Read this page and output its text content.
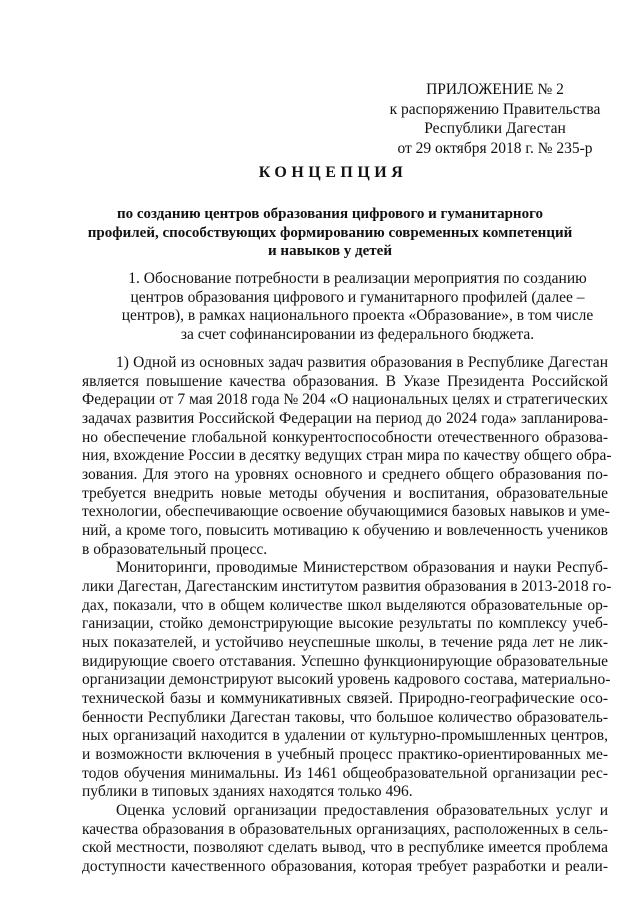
ПРИЛОЖЕНИЕ № 2
к распоряжению Правительства
Республики Дагестан
от 29 октября 2018 г. № 235-р
КОНЦЕПЦИЯ
по созданию центров образования цифрового и гуманитарного
профилей, способствующих формированию современных компетенций
и навыков у детей
1. Обоснование потребности в реализации мероприятия по созданию
центров образования цифрового и гуманитарного профилей (далее –
центров), в рамках национального проекта «Образование», в том числе
за счет софинансировании из федерального бюджета.
1) Одной из основных задач развития образования в Республике Дагестан
является повышение качества образования. В Указе Президента Российской
Федерации от 7 мая 2018 года № 204 «О национальных целях и стратегических
задачах развития Российской Федерации на период до 2024 года» запланирова-
но обеспечение глобальной конкурентоспособности отечественного образова-
ния, вхождение России в десятку ведущих стран мира по качеству общего обра-
зования. Для этого на уровнях основного и среднего общего образования по-
требуется внедрить новые методы обучения и воспитания, образовательные
технологии, обеспечивающие освоение обучающимися базовых навыков и уме-
ний, а кроме того, повысить мотивацию к обучению и вовлеченность учеников
в образовательный процесс.
Мониторинги, проводимые Министерством образования и науки Респуб-
лики Дагестан, Дагестанским институтом развития образования в 2013-2018 го-
дах, показали, что в общем количестве школ выделяются образовательные ор-
ганизации, стойко демонстрирующие высокие результаты по комплексу учеб-
ных показателей, и устойчиво неуспешные школы, в течение ряда лет не лик-
видирующие своего отставания. Успешно функционирующие образовательные
организации демонстрируют высокий уровень кадрового состава, материально-
технической базы и коммуникативных связей. Природно-географические осо-
бенности Республики Дагестан таковы, что большое количество образователь-
ных организаций находится в удалении от культурно-промышленных центров,
и возможности включения в учебный процесс практико-ориентированных ме-
тодов обучения минимальны. Из 1461 общеобразовательной организации рес-
публики в типовых зданиях находятся только 496.
Оценка условий организации предоставления образовательных услуг и
качества образования в образовательных организациях, расположенных в сель-
ской местности, позволяют сделать вывод, что в республике имеется проблема
доступности качественного образования, которая требует разработки и реали-
